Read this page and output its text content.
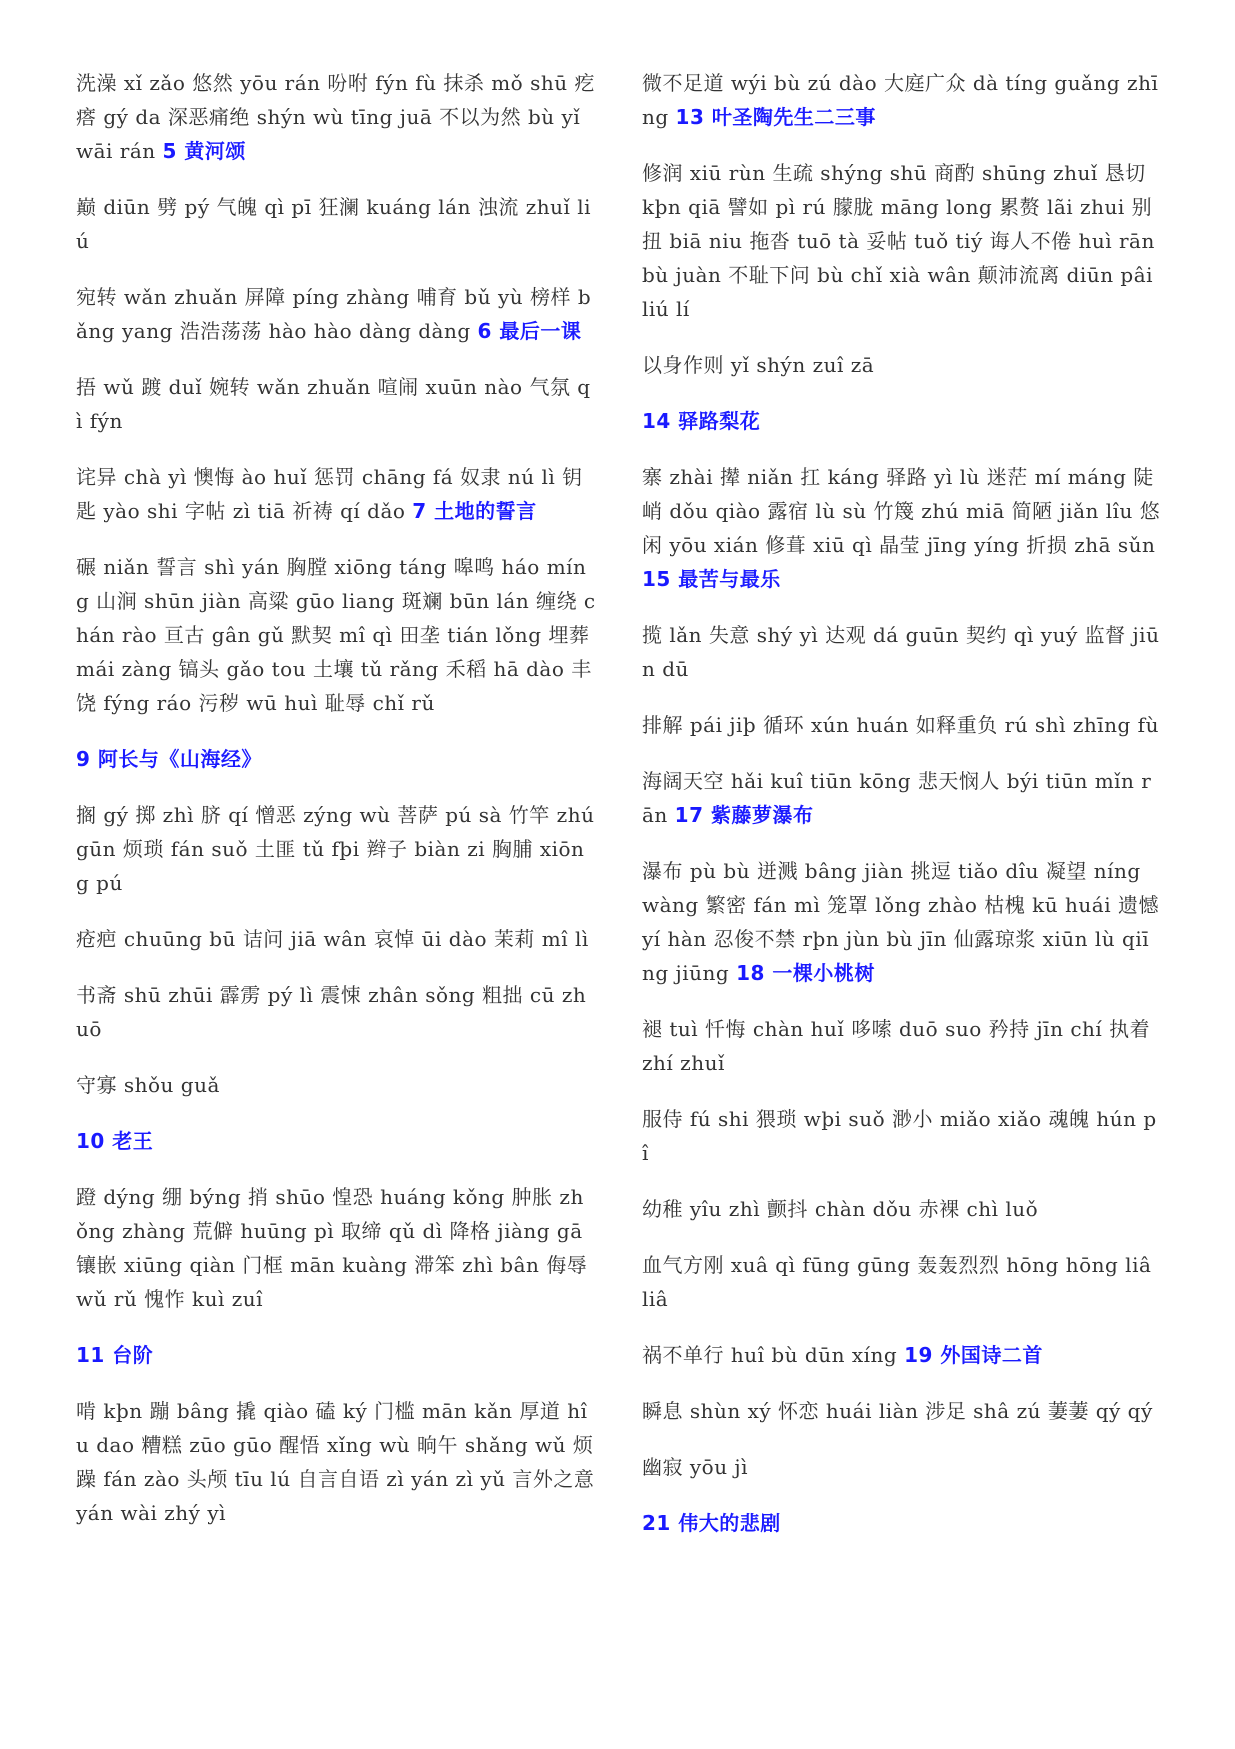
洗澡 xǐ zǎo 悠然 yōu rán 吩咐 fýn fù 抹杀 mǒ shū 疙瘩 gý da 深恶痛绝 shýn wù tīng juā 不以为然 bù yǐ wāi rán 5 黄河颂

巅 diūn 劈 pý 气魄 qì pī 狂澜 kuáng lán 浊流 zhuǐ liú

宛转 wǎn zhuǎn 屏障 píng zhàng 哺育 bǔ yù 榜样 bǎng yang 浩浩荡荡 hào hào dàng dàng 6 最后一课

捂 wǔ 踱 duǐ 婉转 wǎn zhuǎn 喧闹 xuūn nào 气氛 qì fýn

诧异 chà yì 懊悔 ào huǐ 惩罚 chāng fá 奴隶 nú lì 钥匙 yào shi 字帖 zì tiā 祈祷 qí dǎo 7 土地的誓言

碾 niǎn 誓言 shì yán 胸膛 xiōng táng 嗥鸣 háo míng 山涧 shūn jiàn 高粱 gūo liang 斑斓 būn lán 缠绕 chán rào 亘古 gân gǔ 默契 mî qì 田垄 tián lǒng 埋葬 mái zàng 镐头 gǎo tou 土壤 tǔ rǎng 禾稻 hā dào 丰饶 fýng ráo 污秽 wū huì 耻辱 chǐ rǔ

9 阿长与《山海经》

搁 gý 掷 zhì 脐 qí 憎恶 zýng wù 菩萨 pú sà 竹竿 zhú gūn 烦琐 fán suǒ 土匪 tǔ fþi 辫子 biàn zi 胸脯 xiōng pú

疮疤 chuūng bū 诘问 jiā wân 哀悼 ūi dào 茉莉 mî lì

书斋 shū zhūi 霹雳 pý lì 震悚 zhân sǒng 粗拙 cū zhuō

守寡 shǒu guǎ

10 老王

蹬 dýng 绷 býng 捎 shūo 惶恐 huáng kǒng 肿胀 zhǒng zhàng 荒僻 huūng pì 取缔 qǔ dì 降格 jiàng gā 镶嵌 xiūng qiàn 门框 mān kuàng 滞笨 zhì bân 侮辱 wǔ rǔ 愧怍 kuì zuî

11 台阶

啃 kþn 蹦 bâng 撬 qiào 磕 ký 门槛 mān kǎn 厚道 hîu dao 糟糕 zūo gūo 醒悟 xǐng wù 晌午 shǎng wǔ 烦躁 fán zào 头颅 tīu lú 自言自语 zì yán zì yǔ 言外之意 yán wài zhý yì

微不足道 wýi bù zú dào 大庭广众 dà tíng guǎng zhīng 13 叶圣陶先生二三事

修润 xiū rùn 生疏 shýng shū 商酌 shūng zhuǐ 恳切 kþn qiā 譬如 pì rú 朦胧 māng long 累赘 lãi zhui 别扭 biā niu 拖沓 tuō tà 妥帖 tuǒ tiý 诲人不倦 huì rān bù juàn 不耻下问 bù chǐ xià wân 颠沛流离 diūn pâi liú lí

以身作则 yǐ shýn zuî zā

14 驿路梨花

寨 zhài 撵 niǎn 扛 káng 驿路 yì lù 迷茫 mí máng 陡峭 dǒu qiào 露宿 lù sù 竹篾 zhú miā 简陋 jiǎn lîu 悠闲 yōu xián 修葺 xiū qì 晶莹 jīng yíng 折损 zhā sǔn 15 最苦与最乐

揽 lǎn 失意 shý yì 达观 dá guūn 契约 qì yuý 监督 jiūn dū

排解 pái jiþ 循环 xún huán 如释重负 rú shì zhīng fù

海阔天空 hǎi kuî tiūn kōng 悲天悯人 býi tiūn mǐn rān 17 紫藤萝瀑布

瀑布 pù bù 迸溅 bâng jiàn 挑逗 tiǎo dîu 凝望 níng wàng 繁密 fán mì 笼罩 lǒng zhào 枯槐 kū huái 遗憾 yí hàn 忍俊不禁 rþn jùn bù jīn 仙露琼浆 xiūn lù qiīng jiūng 18 一棵小桃树

褪 tuì 忏悔 chàn huǐ 哆嗦 duō suo 矜持 jīn chí 执着 zhí zhuǐ

服侍 fú shi 猥琐 wþi suǒ 渺小 miǎo xiǎo 魂魄 hún pî

幼稚 yîu zhì 颤抖 chàn dǒu 赤裸 chì luǒ

血气方刚 xuâ qì fūng gūng 轰轰烈烈 hōng hōng liâ liâ

祸不单行 huî bù dūn xíng 19 外国诗二首

瞬息 shùn xý 怀恋 huái liàn 涉足 shâ zú 萋萋 qý qý

幽寂 yōu jì

21 伟大的悲剧
